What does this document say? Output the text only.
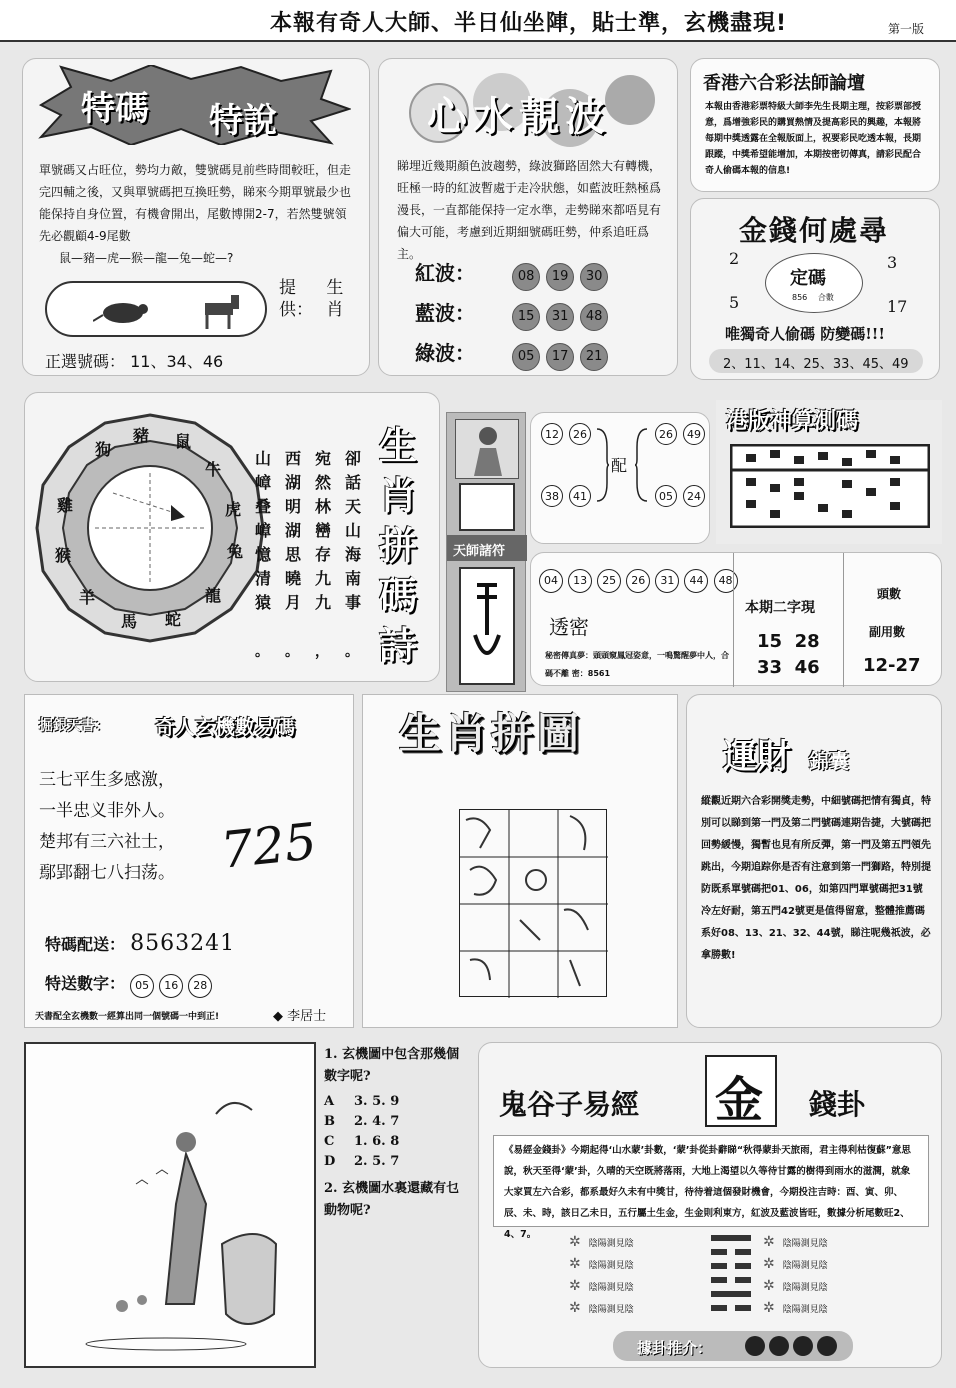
本報有奇人大師、半日仙坐陣，貼士準，玄機盡現!	第一版
特碼 特說
單號碼又占旺位，勢均力敵，雙號碼見前些時間較旺，但走完四輔之後，又與單號碼把互換旺勢，睇來今期單號最少也能保持自身位置，有機會開出，尾數博開2-7，若然雙號領先必觀顧4-9尾數
鼠—豬—虎—猴—龍—兔—蛇—?
提供： 生肖
正選號碼： 11、34、46
心水靚波
睇埋近幾期顏色波趨勢，綠波獅路固然大有轉機，旺極一時的紅波暫處于走冷狀態，如藍波旺熱極爲漫長，一直都能保持一定水準，走勢睇來都唔見有偏大可能，考慮到近期細號碼旺勢，仲系追旺爲主。
紅波：	08 19 30
藍波：	15 31 48
綠波：	05 17 21
香港六合彩法師論壇
本報由香港彩票特級大師李先生長期主理，按彩票部授意，爲增強彩民的購買熱情及提高彩民的興趣，本報將每期中獎透露在全報版面上，祝要彩民吃透本報，長期跟蹤，中獎希望能增加，本期按密切傳真，請彩民配合奇人偷碼本報的信息!
金錢何處尋
2	3
5	17
定碼
856 合數
唯獨奇人偷碼 防變碼!!!
2、11、14、25、33、45、49
狗
豬 鼠
牛
虎
兔
龍
蛇
馬
羊
猴
雞
卻話天山海南事
。
宛然林巒存九九
，
西湖明湖思曉月
。
山嶂叠嶂憶清猿
。
生肖拼碼詩
天師諸符
12	26
38	41
配
26	49
05	24
港版神算測碼
04 13 25 26 31 44 48
透密
秘密傳真夢：頭頭窺鳳冠姿意，一鳴驚醒夢中人，合碼不離 密：8561
本期二字現
15 28
33 46
頭數
副用數
12-27
掘銀天書： 奇人玄機數易碼
三七平生多感激，
一半忠义非外人。
楚邦有三六社士，
鄢郢翻七八扫荡。 725
特碼配送： 8563241
特送數字： 05 16 28
天書配全玄機數一經算出同一個號碼一中到正!	◆ 李居士
生肖拼圖	運財 錦囊
縱觀近期六合彩開獎走勢，中細號碼把情有獨貞，特別可以睇到第一門及第二門號碼連期告捷，大號碼把回勢緩慢，獨暫也見有所反彈，第一門及第五門領先跳出，今期追踪你是否有注意到第一門獅路，特別提防既系單號碼把01、06，如第四門單號碼把31號冷左好耐，第五門42號更是值得留意，整體推薦碼系好08、13、21、32、44號，睇注呢幾祇波，必拿勝數!
1. 玄機圖中包含那幾個數字呢?
A 3. 5. 9
B 2. 4. 7
C 1. 6. 8
D 2. 5. 7
2. 玄機圖水裏還藏有乜動物呢?
鬼谷子易經 金 錢卦
《易經金錢卦》今期起得‘山水蒙’卦數，‘蒙’卦從卦辭睇“秋得蒙卦天旅雨，君主得利枯復蘇”意思說，秋天至得‘蒙’卦，久晴的天空既將落雨，大地上渴望以久等待甘露的樹得到雨水的滋潤，就象大家買左六合彩，都系最好久未有中獎甘，待待着這個發財機會，今期投注吉時：酉、寅、卯、辰、未、時，該日乙未日，五行屬土生金，生金則利東方，紅波及藍波皆旺，數據分析尾數旺2、4、7。	✲ 陰陽測見陰
✲ 陰陽測見陰
✲ 陰陽測見陰
✲ 陰陽測見陰
✲ 陰陽測見陰
✲ 陰陽測見陰
✲ 陰陽測見陰
✲ 陰陽測見陰
據卦推介：
